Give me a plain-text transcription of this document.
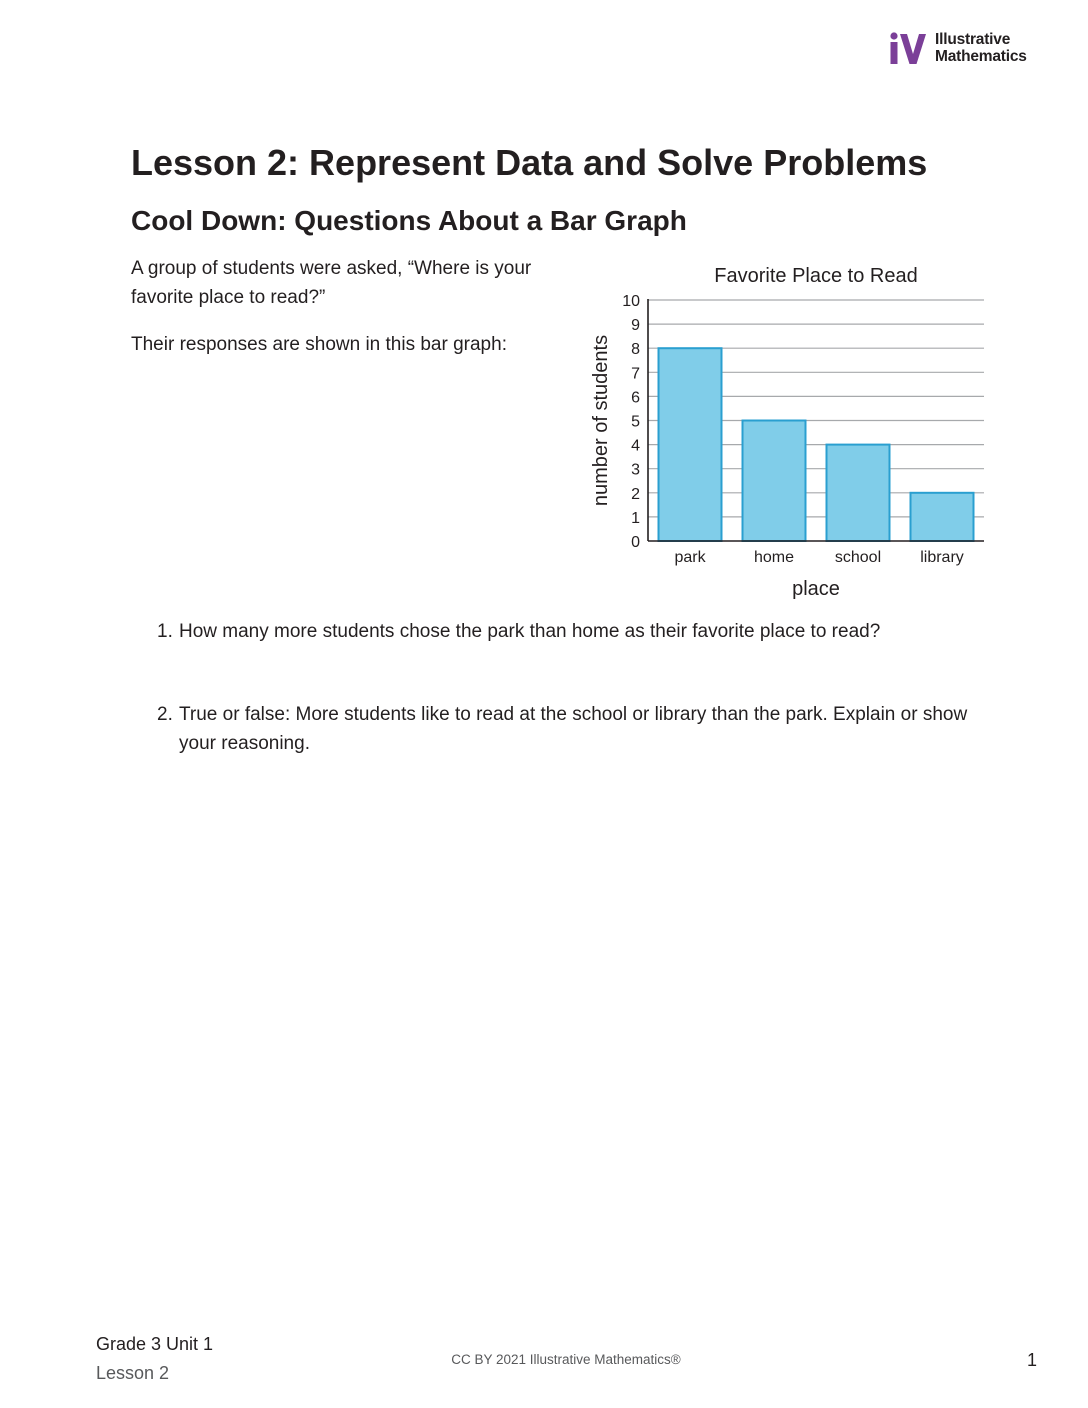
Illustrative
Mathematics
Lesson 2: Represent Data and Solve Problems
Cool Down: Questions About a Bar Graph

A group of students were asked, “Where is your favorite place to read?”

Their responses are shown in this bar graph:

Favorite Place to Read
0
1
2
3
4
5
6
7
8
9
10
park	home	school library
place
number of students
1. How many more students chose the park than home as their favorite place to read?
2. True or false: More students like to read at the school or library than the park. Explain or show your reasoning.
Grade 3 Unit 1
Lesson 2
CC BY 2021 Illustrative Mathematics®	1
